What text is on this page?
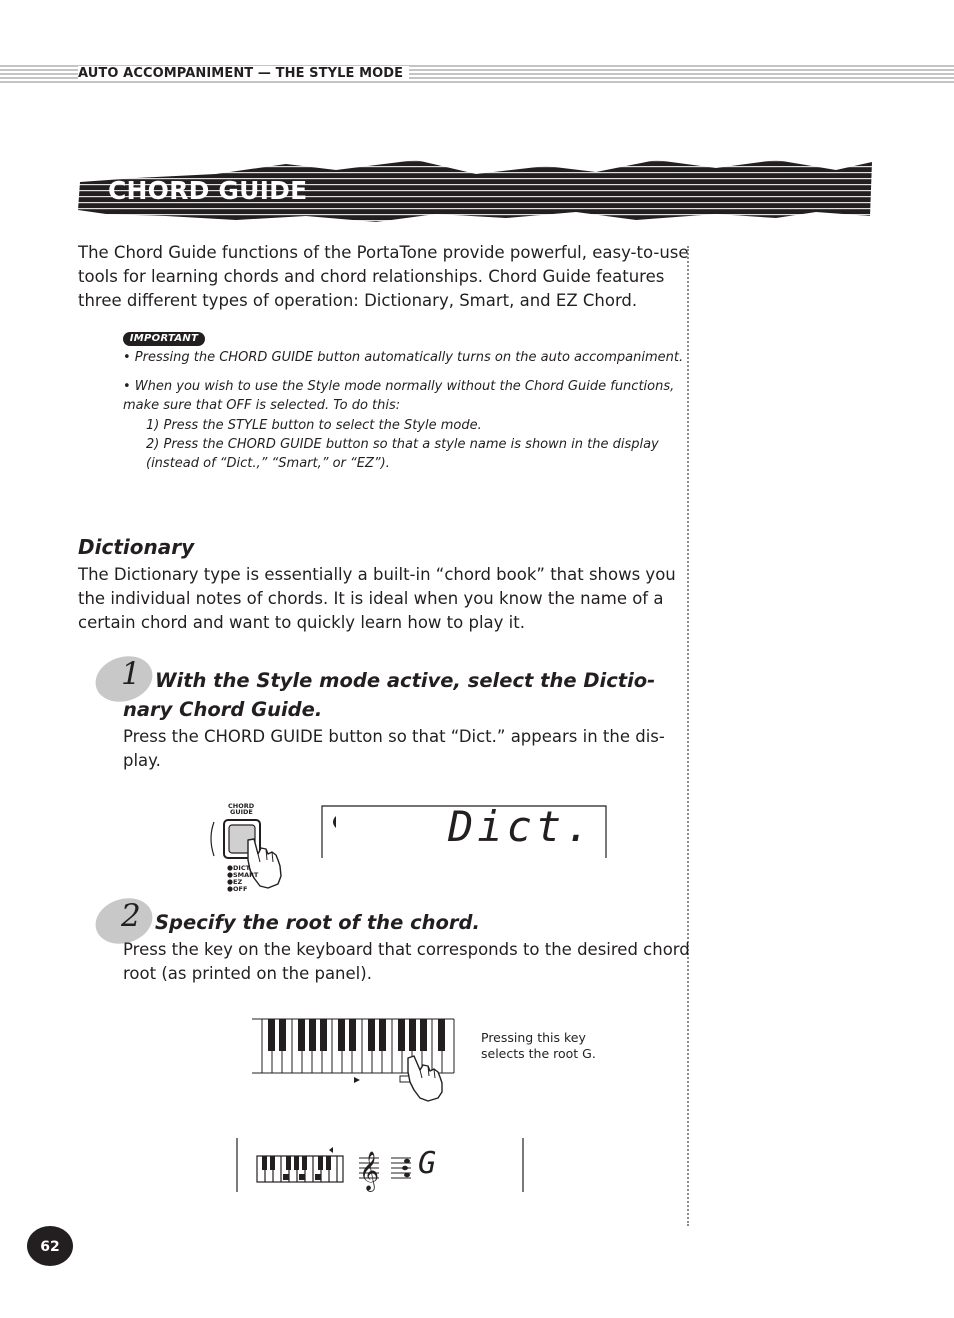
AUTO ACCOMPANIMENT — THE STYLE MODE
CHORD GUIDE
The Chord Guide functions of the PortaTone provide powerful, easy-to-use
tools for learning chords and chord relationships. Chord Guide features
three different types of operation: Dictionary, Smart, and EZ Chord.
IMPORTANT
• Pressing the CHORD GUIDE button automatically turns on the auto accompaniment.
• When you wish to use the Style mode normally without the Chord Guide functions,
make sure that OFF is selected. To do this:
1) Press the STYLE button to select the Style mode.
2) Press the CHORD GUIDE button so that a style name is shown in the display
(instead of “Dict.,” “Smart,” or “EZ”).
Dictionary
The Dictionary type is essentially a built-in “chord book” that shows you
the individual notes of chords. It is ideal when you know the name of a
certain chord and want to quickly learn how to play it.
1 With the Style mode active, select the Dictio-
nary Chord Guide.
Press the CHORD GUIDE button so that “Dict.” appears in the dis-
play.
CHORD
GUIDE
DICT.
SMART
EZ
OFF
Dict.
2 Specify the root of the chord.
Press the key on the keyboard that corresponds to the desired chord
root (as printed on the panel).
Pressing this key
selects the root G.
𝄞 G
62
